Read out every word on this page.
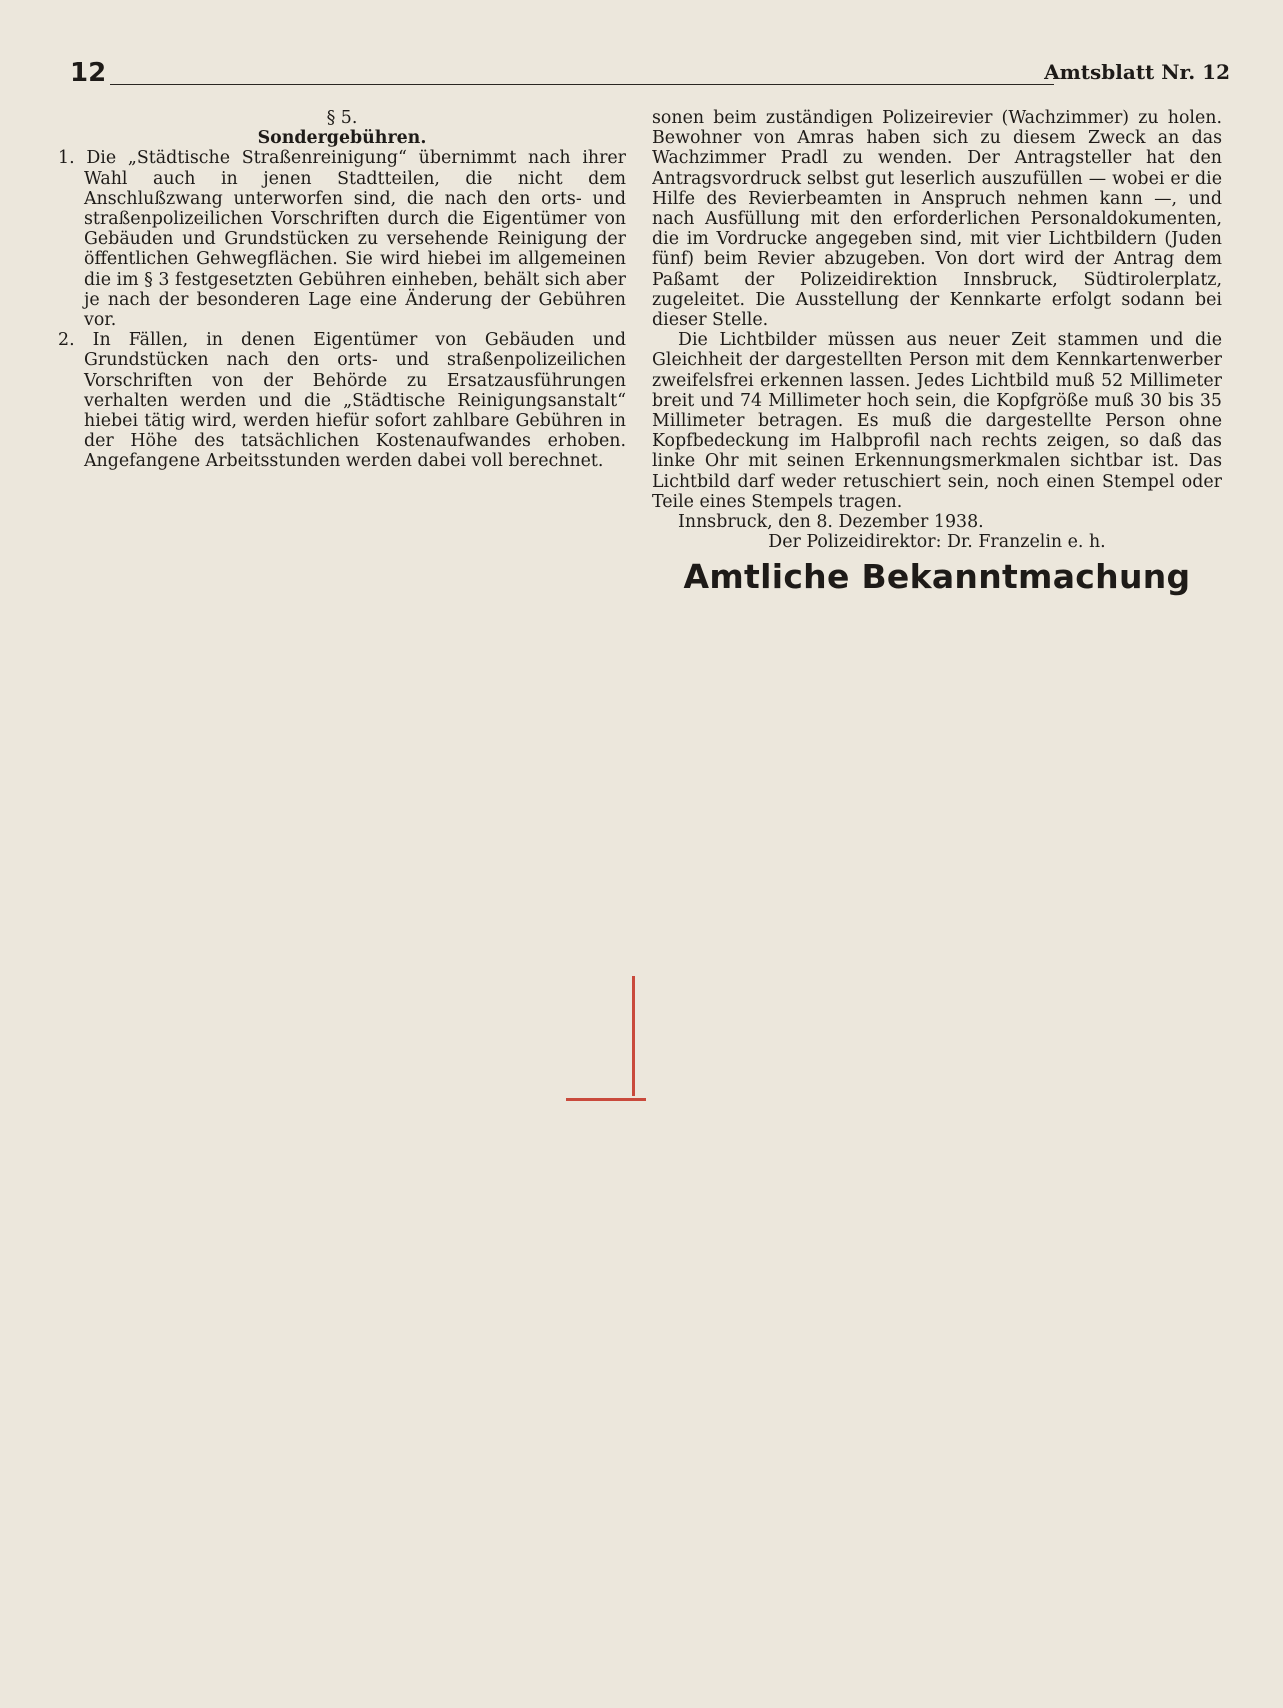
12	Amtsblatt Nr. 12

§ 5.

Sondergebühren.

1. Die „Städtische Straßenreinigung“ übernimmt nach ihrer Wahl auch in jenen Stadtteilen, die nicht dem Anschlußzwang unterworfen sind, die nach den orts- und straßenpolizeilichen Vorschriften durch die Eigentümer von Gebäuden und Grundstücken zu versehende Reinigung der öffentlichen Gehwegflächen. Sie wird hiebei im allgemeinen die im § 3 festgesetzten Gebühren einheben, behält sich aber je nach der besonderen Lage eine Änderung der Gebühren vor.

2. In Fällen, in denen Eigentümer von Gebäuden und Grundstücken nach den orts- und straßenpolizeilichen Vorschriften von der Behörde zu Ersatzausführungen verhalten werden und die „Städtische Reinigungsanstalt“ hiebei tätig wird, werden hiefür sofort zahlbare Gebühren in der Höhe des tatsächlichen Kostenaufwandes erhoben. Angefangene Arbeitsstunden werden dabei voll berechnet.

sonen beim zuständigen Polizeirevier (Wachzimmer) zu holen. Bewohner von Amras haben sich zu diesem Zweck an das Wachzimmer Pradl zu wenden. Der Antragsteller hat den Antragsvordruck selbst gut leserlich auszufüllen — wobei er die Hilfe des Revierbeamten in Anspruch nehmen kann —, und nach Ausfüllung mit den erforderlichen Personaldokumenten, die im Vordrucke angegeben sind, mit vier Lichtbildern (Juden fünf) beim Revier abzugeben. Von dort wird der Antrag dem Paßamt der Polizeidirektion Innsbruck, Südtirolerplatz, zugeleitet. Die Ausstellung der Kennkarte erfolgt sodann bei dieser Stelle.

Die Lichtbilder müssen aus neuer Zeit stammen und die Gleichheit der dargestellten Person mit dem Kennkartenwerber zweifelsfrei erkennen lassen. Jedes Lichtbild muß 52 Millimeter breit und 74 Millimeter hoch sein, die Kopfgröße muß 30 bis 35 Millimeter betragen. Es muß die dargestellte Person ohne Kopfbedeckung im Halbprofil nach rechts zeigen, so daß das linke Ohr mit seinen Erkennungsmerkmalen sichtbar ist. Das Lichtbild darf weder retuschiert sein, noch einen Stempel oder Teile eines Stempels tragen.

Innsbruck, den 8. Dezember 1938.

Der Polizeidirektor: Dr. Franzelin e. h.

Amtliche Bekanntmachung
